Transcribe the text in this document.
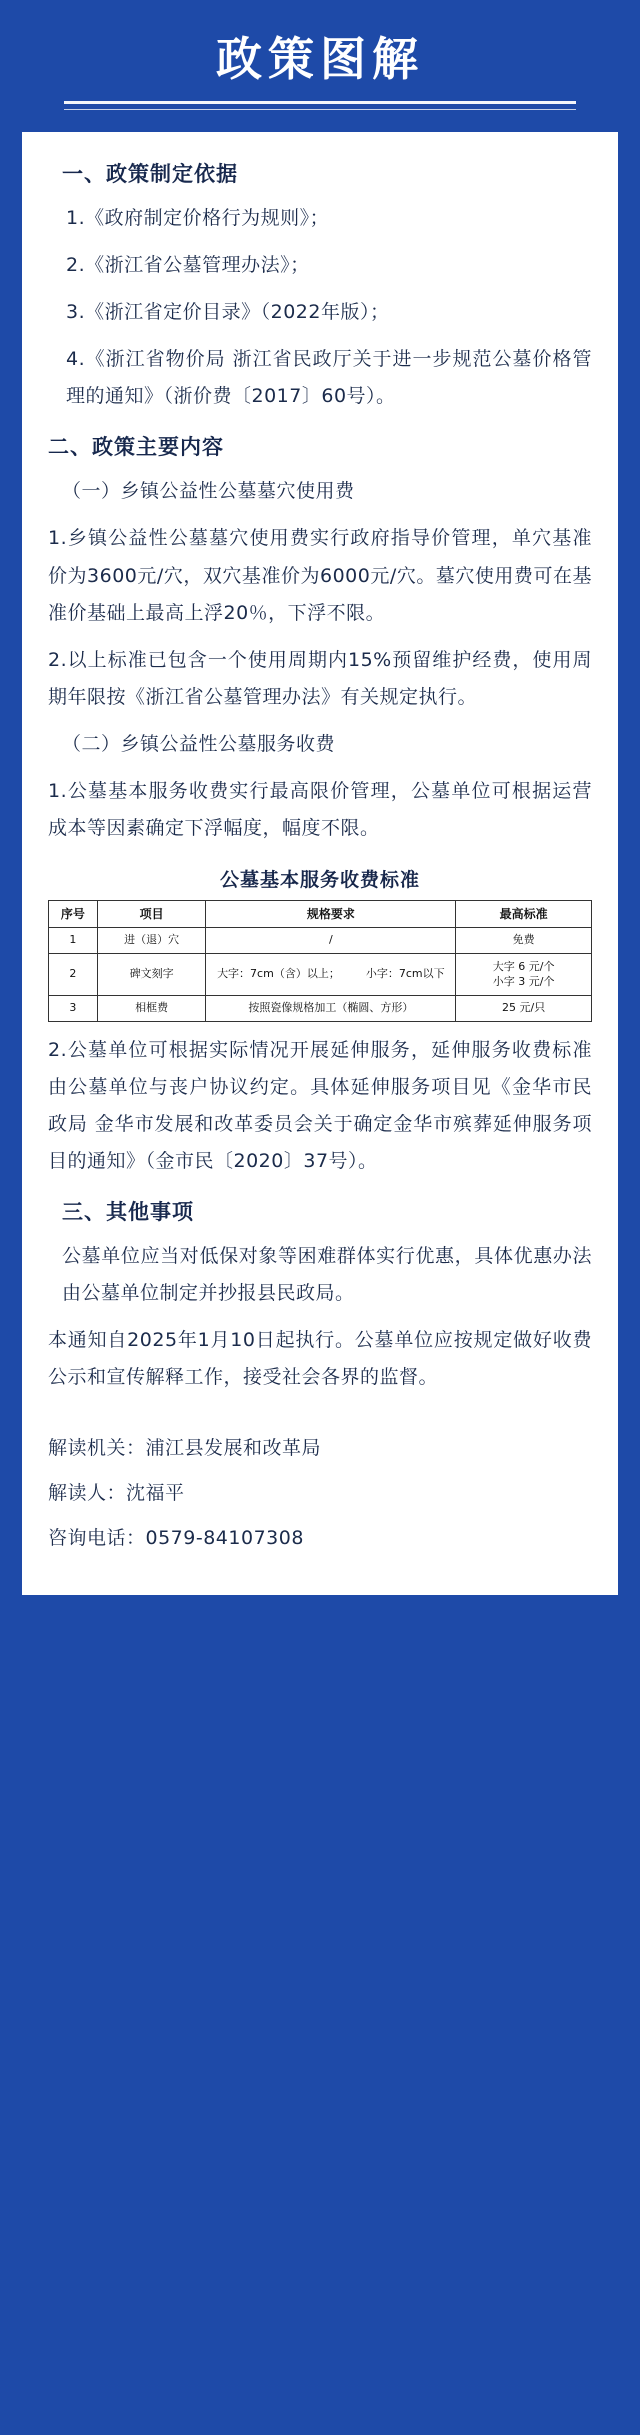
政策图解
一、政策制定依据
1.《政府制定价格行为规则》；
2.《浙江省公墓管理办法》；
3.《浙江省定价目录》（2022年版）；
4.《浙江省物价局 浙江省民政厅关于进一步规范公墓价格管理的通知》（浙价费〔2017〕60号）。
二、政策主要内容
（一）乡镇公益性公墓墓穴使用费
1.乡镇公益性公墓墓穴使用费实行政府指导价管理，单穴基准价为3600元/穴，双穴基准价为6000元/穴。墓穴使用费可在基准价基础上最高上浮20％，下浮不限。
2.以上标准已包含一个使用周期内15%预留维护经费，使用周期年限按《浙江省公墓管理办法》有关规定执行。
（二）乡镇公益性公墓服务收费
1.公墓基本服务收费实行最高限价管理，公墓单位可根据运营成本等因素确定下浮幅度，幅度不限。
公墓基本服务收费标准
序号	项目	规格要求	最高标准
1	进（退）穴	/	免费
2	碑文刻字	大字：7cm（含）以上； 小字：7cm以下	大字 6 元/个
小字 3 元/个

3	相框费	按照瓷像规格加工（椭圆、方形）	25 元/只
2.公墓单位可根据实际情况开展延伸服务，延伸服务收费标准由公墓单位与丧户协议约定。具体延伸服务项目见《金华市民政局 金华市发展和改革委员会关于确定金华市殡葬延伸服务项目的通知》（金市民〔2020〕37号）。
三、其他事项
公墓单位应当对低保对象等困难群体实行优惠，具体优惠办法由公墓单位制定并抄报县民政局。
本通知自2025年1月10日起执行。公墓单位应按规定做好收费公示和宣传解释工作，接受社会各界的监督。
解读机关：浦江县发展和改革局
解读人：沈福平
咨询电话：0579-84107308
